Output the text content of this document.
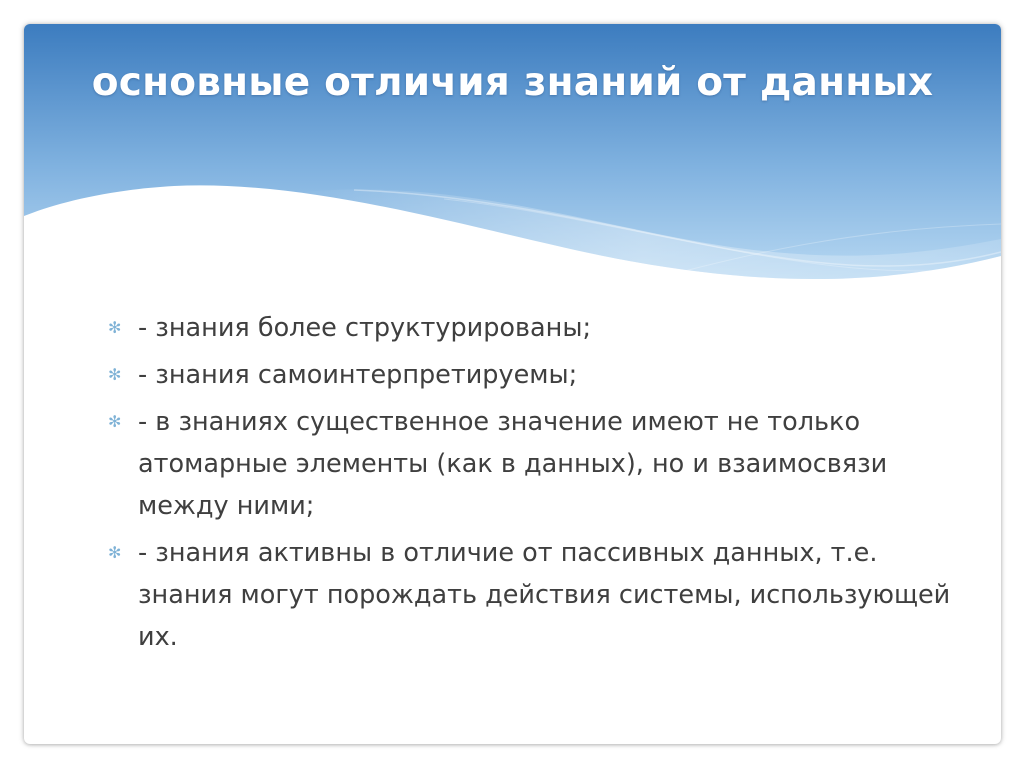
основные отличия знаний от данных
✻ - знания более структурированы;
✻ - знания самоинтерпретируемы;
✻ - в знаниях существенное значение имеют не только атомарные элементы (как в данных), но и взаимосвязи между ними;
✻ - знания активны в отличие от пассивных данных, т.е. знания могут порождать действия системы, использующей их.
